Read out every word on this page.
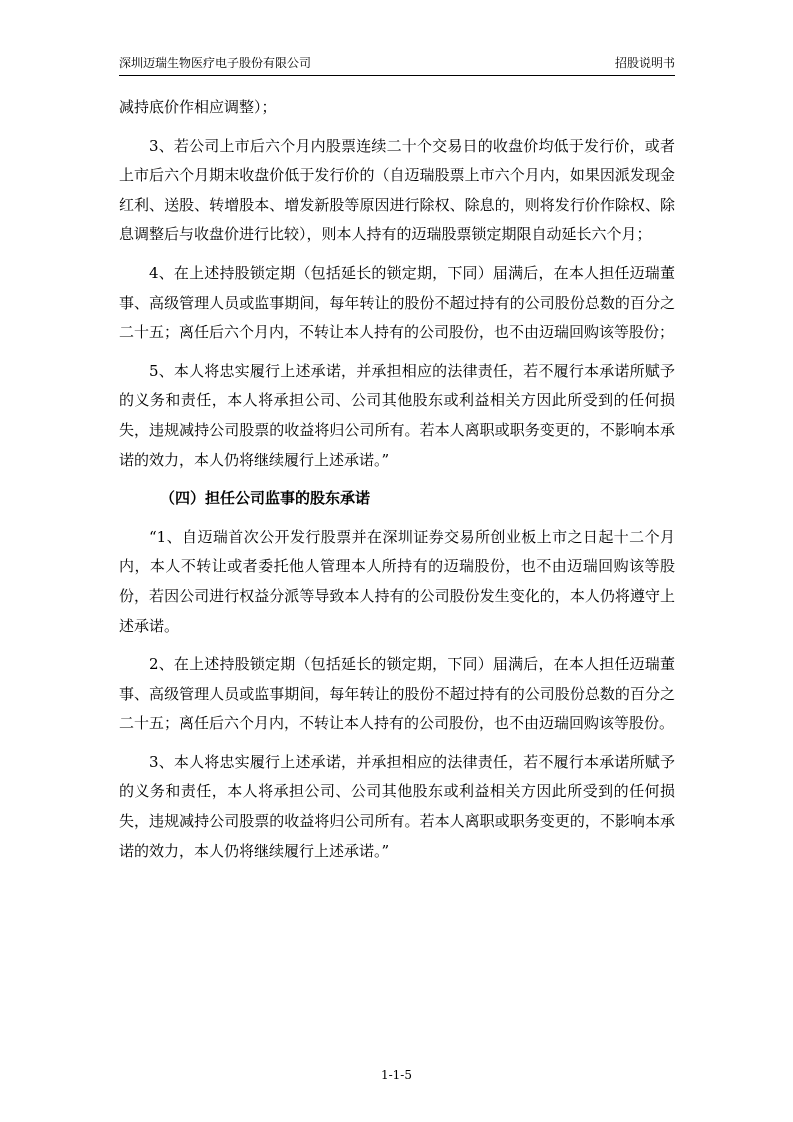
深圳迈瑞生物医疗电子股份有限公司	招股说明书

减持底价作相应调整）；

3、若公司上市后六个月内股票连续二十个交易日的收盘价均低于发行价，或者上市后六个月期末收盘价低于发行价的（自迈瑞股票上市六个月内，如果因派发现金红利、送股、转增股本、增发新股等原因进行除权、除息的，则将发行价作除权、除息调整后与收盘价进行比较），则本人持有的迈瑞股票锁定期限自动延长六个月；

4、在上述持股锁定期（包括延长的锁定期，下同）届满后，在本人担任迈瑞董事、高级管理人员或监事期间，每年转让的股份不超过持有的公司股份总数的百分之二十五；离任后六个月内，不转让本人持有的公司股份，也不由迈瑞回购该等股份；

5、本人将忠实履行上述承诺，并承担相应的法律责任，若不履行本承诺所赋予的义务和责任，本人将承担公司、公司其他股东或利益相关方因此所受到的任何损失，违规减持公司股票的收益将归公司所有。若本人离职或职务变更的，不影响本承诺的效力，本人仍将继续履行上述承诺。”

（四）担任公司监事的股东承诺

“1、自迈瑞首次公开发行股票并在深圳证券交易所创业板上市之日起十二个月内，本人不转让或者委托他人管理本人所持有的迈瑞股份，也不由迈瑞回购该等股份，若因公司进行权益分派等导致本人持有的公司股份发生变化的，本人仍将遵守上述承诺。

2、在上述持股锁定期（包括延长的锁定期，下同）届满后，在本人担任迈瑞董事、高级管理人员或监事期间，每年转让的股份不超过持有的公司股份总数的百分之二十五；离任后六个月内，不转让本人持有的公司股份，也不由迈瑞回购该等股份。

3、本人将忠实履行上述承诺，并承担相应的法律责任，若不履行本承诺所赋予的义务和责任，本人将承担公司、公司其他股东或利益相关方因此所受到的任何损失，违规减持公司股票的收益将归公司所有。若本人离职或职务变更的，不影响本承诺的效力，本人仍将继续履行上述承诺。”

1-1-5
